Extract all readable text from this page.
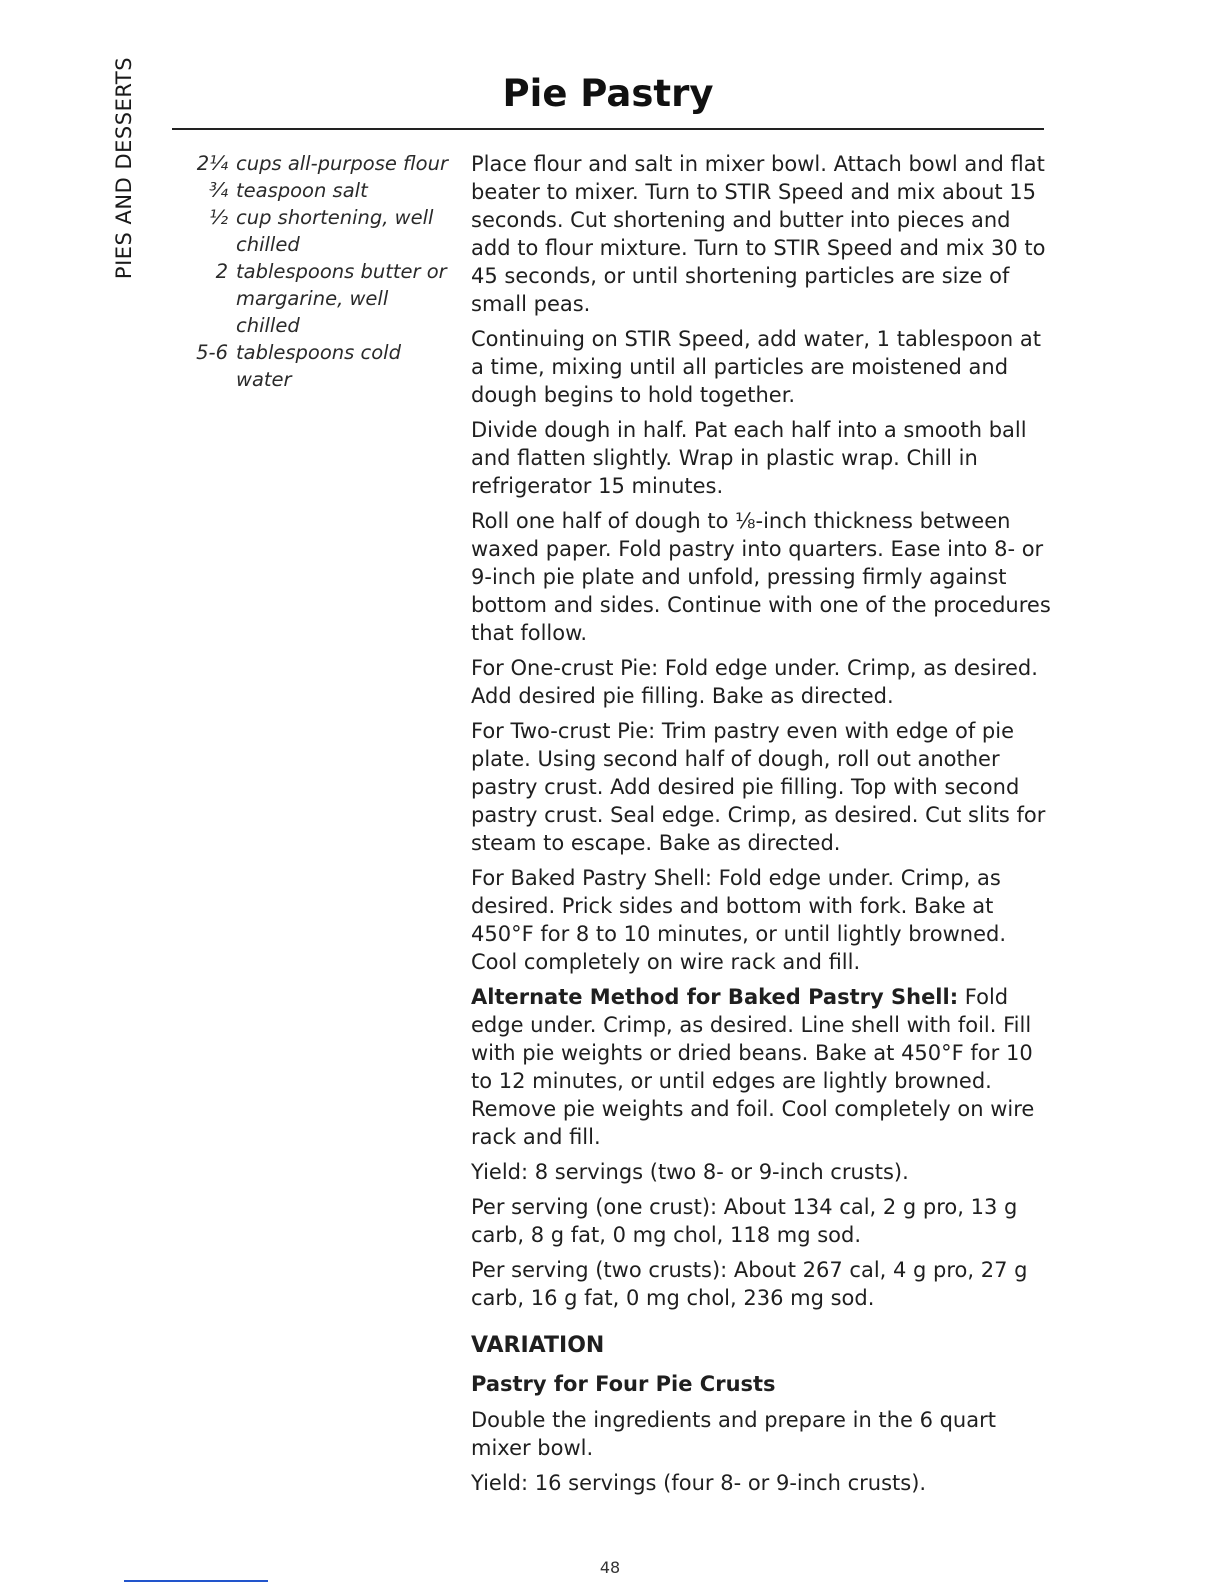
PIES AND DESSERTS	Pie Pastry
2¼ cups all-purpose flour
¾ teaspoon salt
½ cup shortening, well chilled
2 tablespoons butter or margarine, well chilled
5-6 tablespoons cold water

Place flour and salt in mixer bowl. Attach bowl and flat beater to mixer. Turn to STIR Speed and mix about 15 seconds. Cut shortening and butter into pieces and add to flour mixture. Turn to STIR Speed and mix 30 to 45 seconds, or until shortening particles are size of small peas.

Continuing on STIR Speed, add water, 1 tablespoon at a time, mixing until all particles are moistened and dough begins to hold together.

Divide dough in half. Pat each half into a smooth ball and flatten slightly. Wrap in plastic wrap. Chill in refrigerator 15 minutes.

Roll one half of dough to ⅛-inch thickness between waxed paper. Fold pastry into quarters. Ease into 8- or 9-inch pie plate and unfold, pressing firmly against bottom and sides. Continue with one of the procedures that follow.

For One-crust Pie: Fold edge under. Crimp, as desired. Add desired pie filling. Bake as directed.

For Two-crust Pie: Trim pastry even with edge of pie plate. Using second half of dough, roll out another pastry crust. Add desired pie filling. Top with second pastry crust. Seal edge. Crimp, as desired. Cut slits for steam to escape. Bake as directed.

For Baked Pastry Shell: Fold edge under. Crimp, as desired. Prick sides and bottom with fork. Bake at 450°F for 8 to 10 minutes, or until lightly browned. Cool completely on wire rack and fill.

Alternate Method for Baked Pastry Shell: Fold edge under. Crimp, as desired. Line shell with foil. Fill with pie weights or dried beans. Bake at 450°F for 10 to 12 minutes, or until edges are lightly browned. Remove pie weights and foil. Cool completely on wire rack and fill.

Yield: 8 servings (two 8- or 9-inch crusts).

Per serving (one crust): About 134 cal, 2 g pro, 13 g carb, 8 g fat, 0 mg chol, 118 mg sod.

Per serving (two crusts): About 267 cal, 4 g pro, 27 g carb, 16 g fat, 0 mg chol, 236 mg sod.

VARIATION
Pastry for Four Pie Crusts

Double the ingredients and prepare in the 6 quart mixer bowl.

Yield: 16 servings (four 8- or 9-inch crusts).

48
